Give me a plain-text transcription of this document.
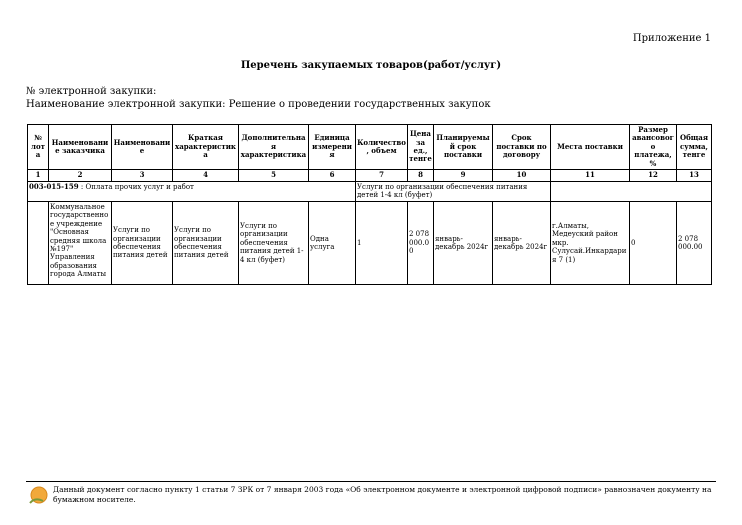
Приложение 1
Перечень закупаемых товаров(работ/услуг)
№ электронной закупки:
Наименование электронной закупки: Решение о проведении государственных закупок
№ лота	Наименование заказчика	Наименование	Краткая характеристика	Дополнительная характеристика	Единица измерения	Количество, объем	Цена за ед., тенге	Планируемый срок поставки	Срок поставки по договору	Места поставки	Размер авансового платежа, %	Общая сумма, тенге
1	2	3	4	5	6	7	8	9	10	11	12	13
003-015-159 : Оплата прочих услуг и работ						Услуги по организации обеспечения питания детей 1-4 кл (буфет)						
	Коммунальное государственное учреждение "Основная средняя школа №197" Управления образования города Алматы	Услуги по организации обеспечения питания детей	Услуги по организации обеспечения питания детей	Услуги по организации обеспечения питания детей 1-4 кл (буфет)	Одна услуга	1	2 078 000.00	январь-декабрь 2024г	январь-декабрь 2024г	г.Алматы, Медеуский район мкр. Сулусай.Инкардария 7 (1)	0	2 078 000.00
Данный документ согласно пункту 1 статьи 7 ЗРК от 7 января 2003 года «Об электронном документе и электронной цифровой подписи» равнозначен документу на бумажном носителе.
